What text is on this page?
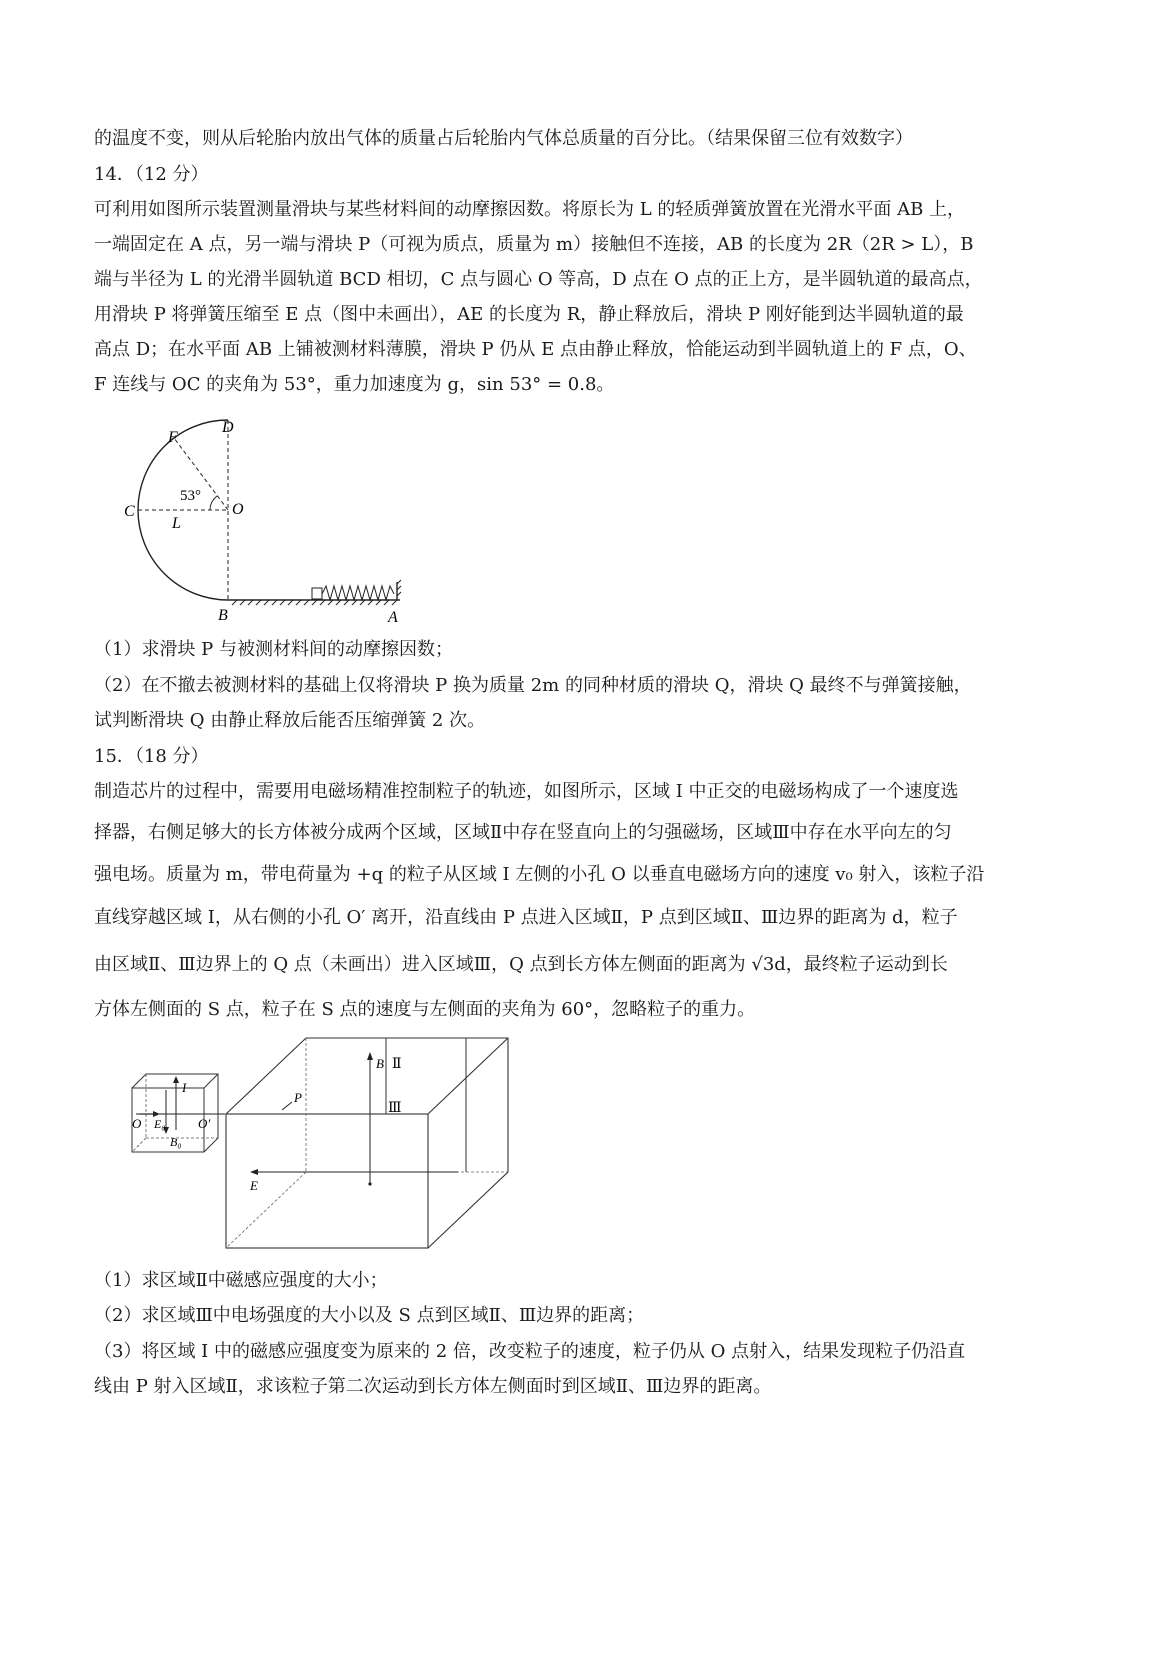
的温度不变，则从后轮胎内放出气体的质量占后轮胎内气体总质量的百分比。（结果保留三位有效数字）
14．（12 分）
可利用如图所示装置测量滑块与某些材料间的动摩擦因数。将原长为 L 的轻质弹簧放置在光滑水平面 AB 上，
一端固定在 A 点，另一端与滑块 P（可视为质点，质量为 m）接触但不连接，AB 的长度为 2R（2R > L），B
端与半径为 L 的光滑半圆轨道 BCD 相切，C 点与圆心 O 等高，D 点在 O 点的正上方，是半圆轨道的最高点，
用滑块 P 将弹簧压缩至 E 点（图中未画出），AE 的长度为 R，静止释放后，滑块 P 刚好能到达半圆轨道的最
高点 D；在水平面 AB 上铺被测材料薄膜，滑块 P 仍从 E 点由静止释放，恰能运动到半圆轨道上的 F 点，O、
F 连线与 OC 的夹角为 53°，重力加速度为 g，sin 53° = 0.8。
D
F
C	O
L
53°
B	A
（1）求滑块 P 与被测材料间的动摩擦因数；
（2）在不撤去被测材料的基础上仅将滑块 P 换为质量 2m 的同种材质的滑块 Q，滑块 Q 最终不与弹簧接触，
试判断滑块 Q 由静止释放后能否压缩弹簧 2 次。
15．（18 分）
制造芯片的过程中，需要用电磁场精准控制粒子的轨迹，如图所示，区域 I 中正交的电磁场构成了一个速度选
择器，右侧足够大的长方体被分成两个区域，区域Ⅱ中存在竖直向上的匀强磁场，区域Ⅲ中存在水平向左的匀
强电场。质量为 m，带电荷量为 +q 的粒子从区域 I 左侧的小孔 O 以垂直电磁场方向的速度 v₀ 射入，该粒子沿
直线穿越区域 I，从右侧的小孔 O′ 离开，沿直线由 P 点进入区域Ⅱ，P 点到区域Ⅱ、Ⅲ边界的距离为 d，粒子
由区域Ⅱ、Ⅲ边界上的 Q 点（未画出）进入区域Ⅲ，Q 点到长方体左侧面的距离为 √3d，最终粒子运动到长
方体左侧面的 S 点，粒子在 S 点的速度与左侧面的夹角为 60°，忽略粒子的重力。
I
O E₀
B₀
O′
B Ⅱ
Ⅲ
P
E
（1）求区域Ⅱ中磁感应强度的大小；
（2）求区域Ⅲ中电场强度的大小以及 S 点到区域Ⅱ、Ⅲ边界的距离；
（3）将区域 I 中的磁感应强度变为原来的 2 倍，改变粒子的速度，粒子仍从 O 点射入，结果发现粒子仍沿直
线由 P 射入区域Ⅱ，求该粒子第二次运动到长方体左侧面时到区域Ⅱ、Ⅲ边界的距离。
